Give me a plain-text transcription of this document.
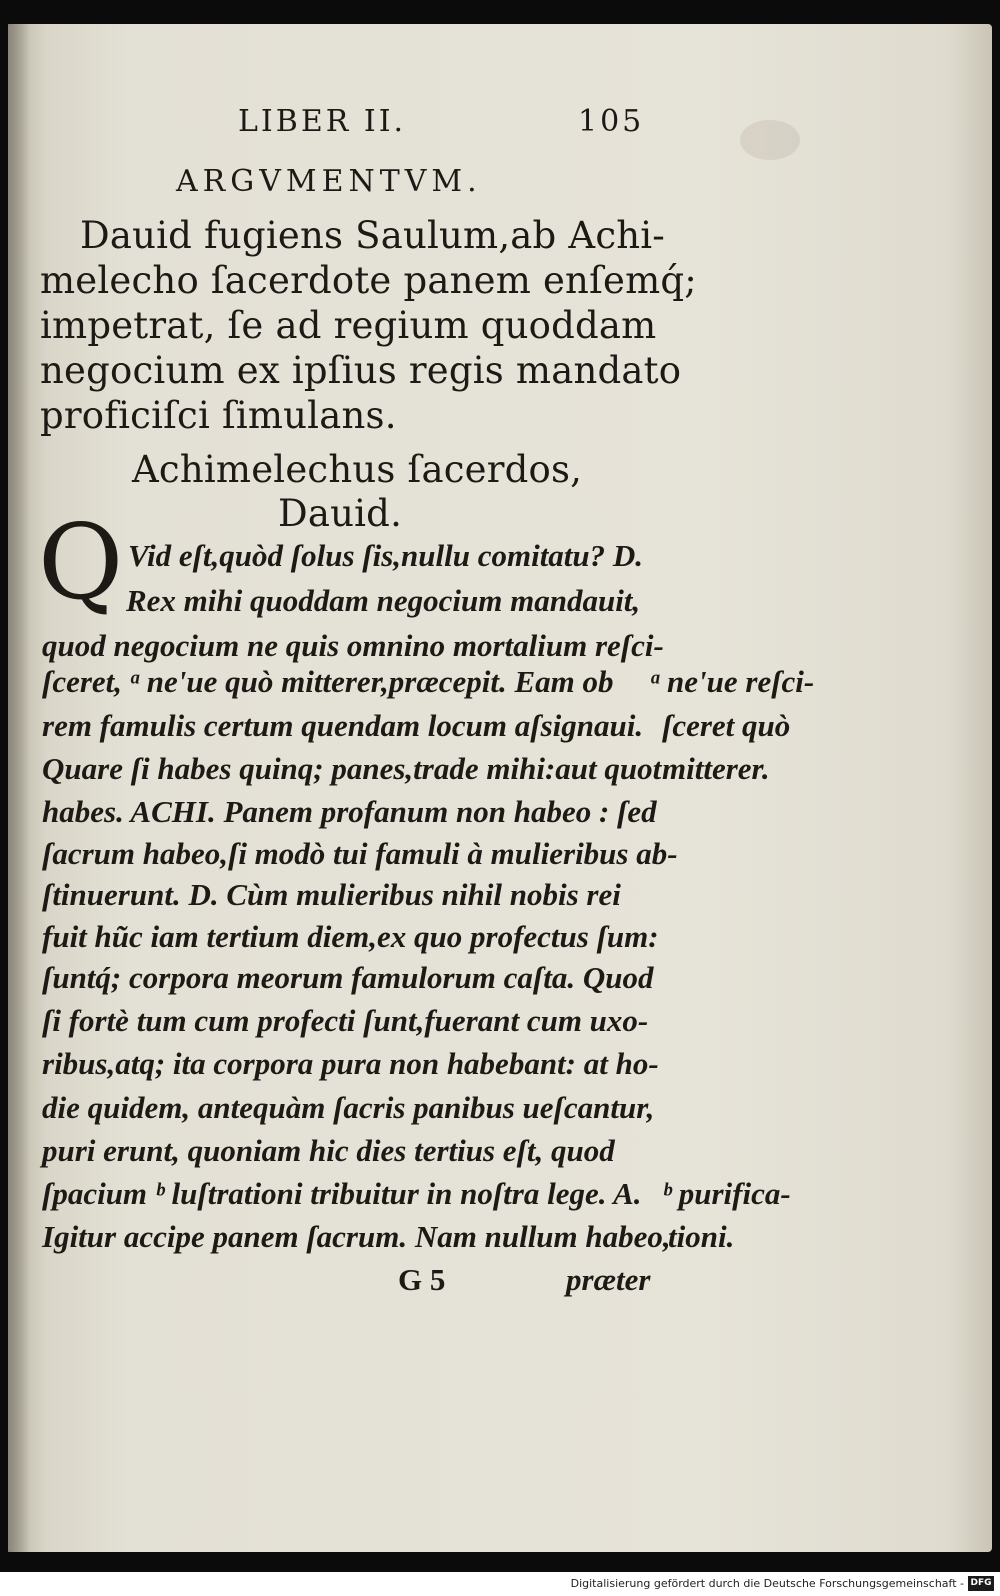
LIBER II.	105
ARGVMENTVM.
Dauid fugiens Saulum,ab Achi-
melecho ſacerdote panem enſemq́;
impetrat, ſe ad regium quoddam
negocium ex ipſius regis mandato
proficiſci ſimulans.
Achimelechus ſacerdos,
Dauid.
Q Vid eſt,quòd ſolus ſis,nullu comitatu? D.
Rex mihi quoddam negocium mandauit,
quod negocium ne quis omnino mortalium reſci-
ſceret, ᵃ ne'ue quò mitterer,præcepit. Eam ob
rem famulis certum quendam locum aſsignaui.
Quare ſi habes quinq; panes,trade mihi:aut quot
habes. ACHI. Panem profanum non habeo : ſed
ſacrum habeo,ſi modò tui famuli à mulieribus ab-
ſtinuerunt. D. Cùm mulieribus nihil nobis rei
fuit hũc iam tertium diem,ex quo profectus ſum:
ſuntq́; corpora meorum famulorum caſta. Quod
ſi fortè tum cum profecti ſunt,fuerant cum uxo-
ribus,atq; ita corpora pura non habebant: at ho-
die quidem, antequàm ſacris panibus ueſcantur,
puri erunt, quoniam hic dies tertius eſt, quod
ſpacium ᵇ luſtrationi tribuitur in noſtra lege. A.
Igitur accipe panem ſacrum. Nam nullum habeo,
ᵃ ne'ue reſci-
ſceret quò
mitterer.
ᵇ purifica-
tioni.
G 5	præter
Digitalisierung gefördert durch die Deutsche Forschungsgemeinschaft - DFG
